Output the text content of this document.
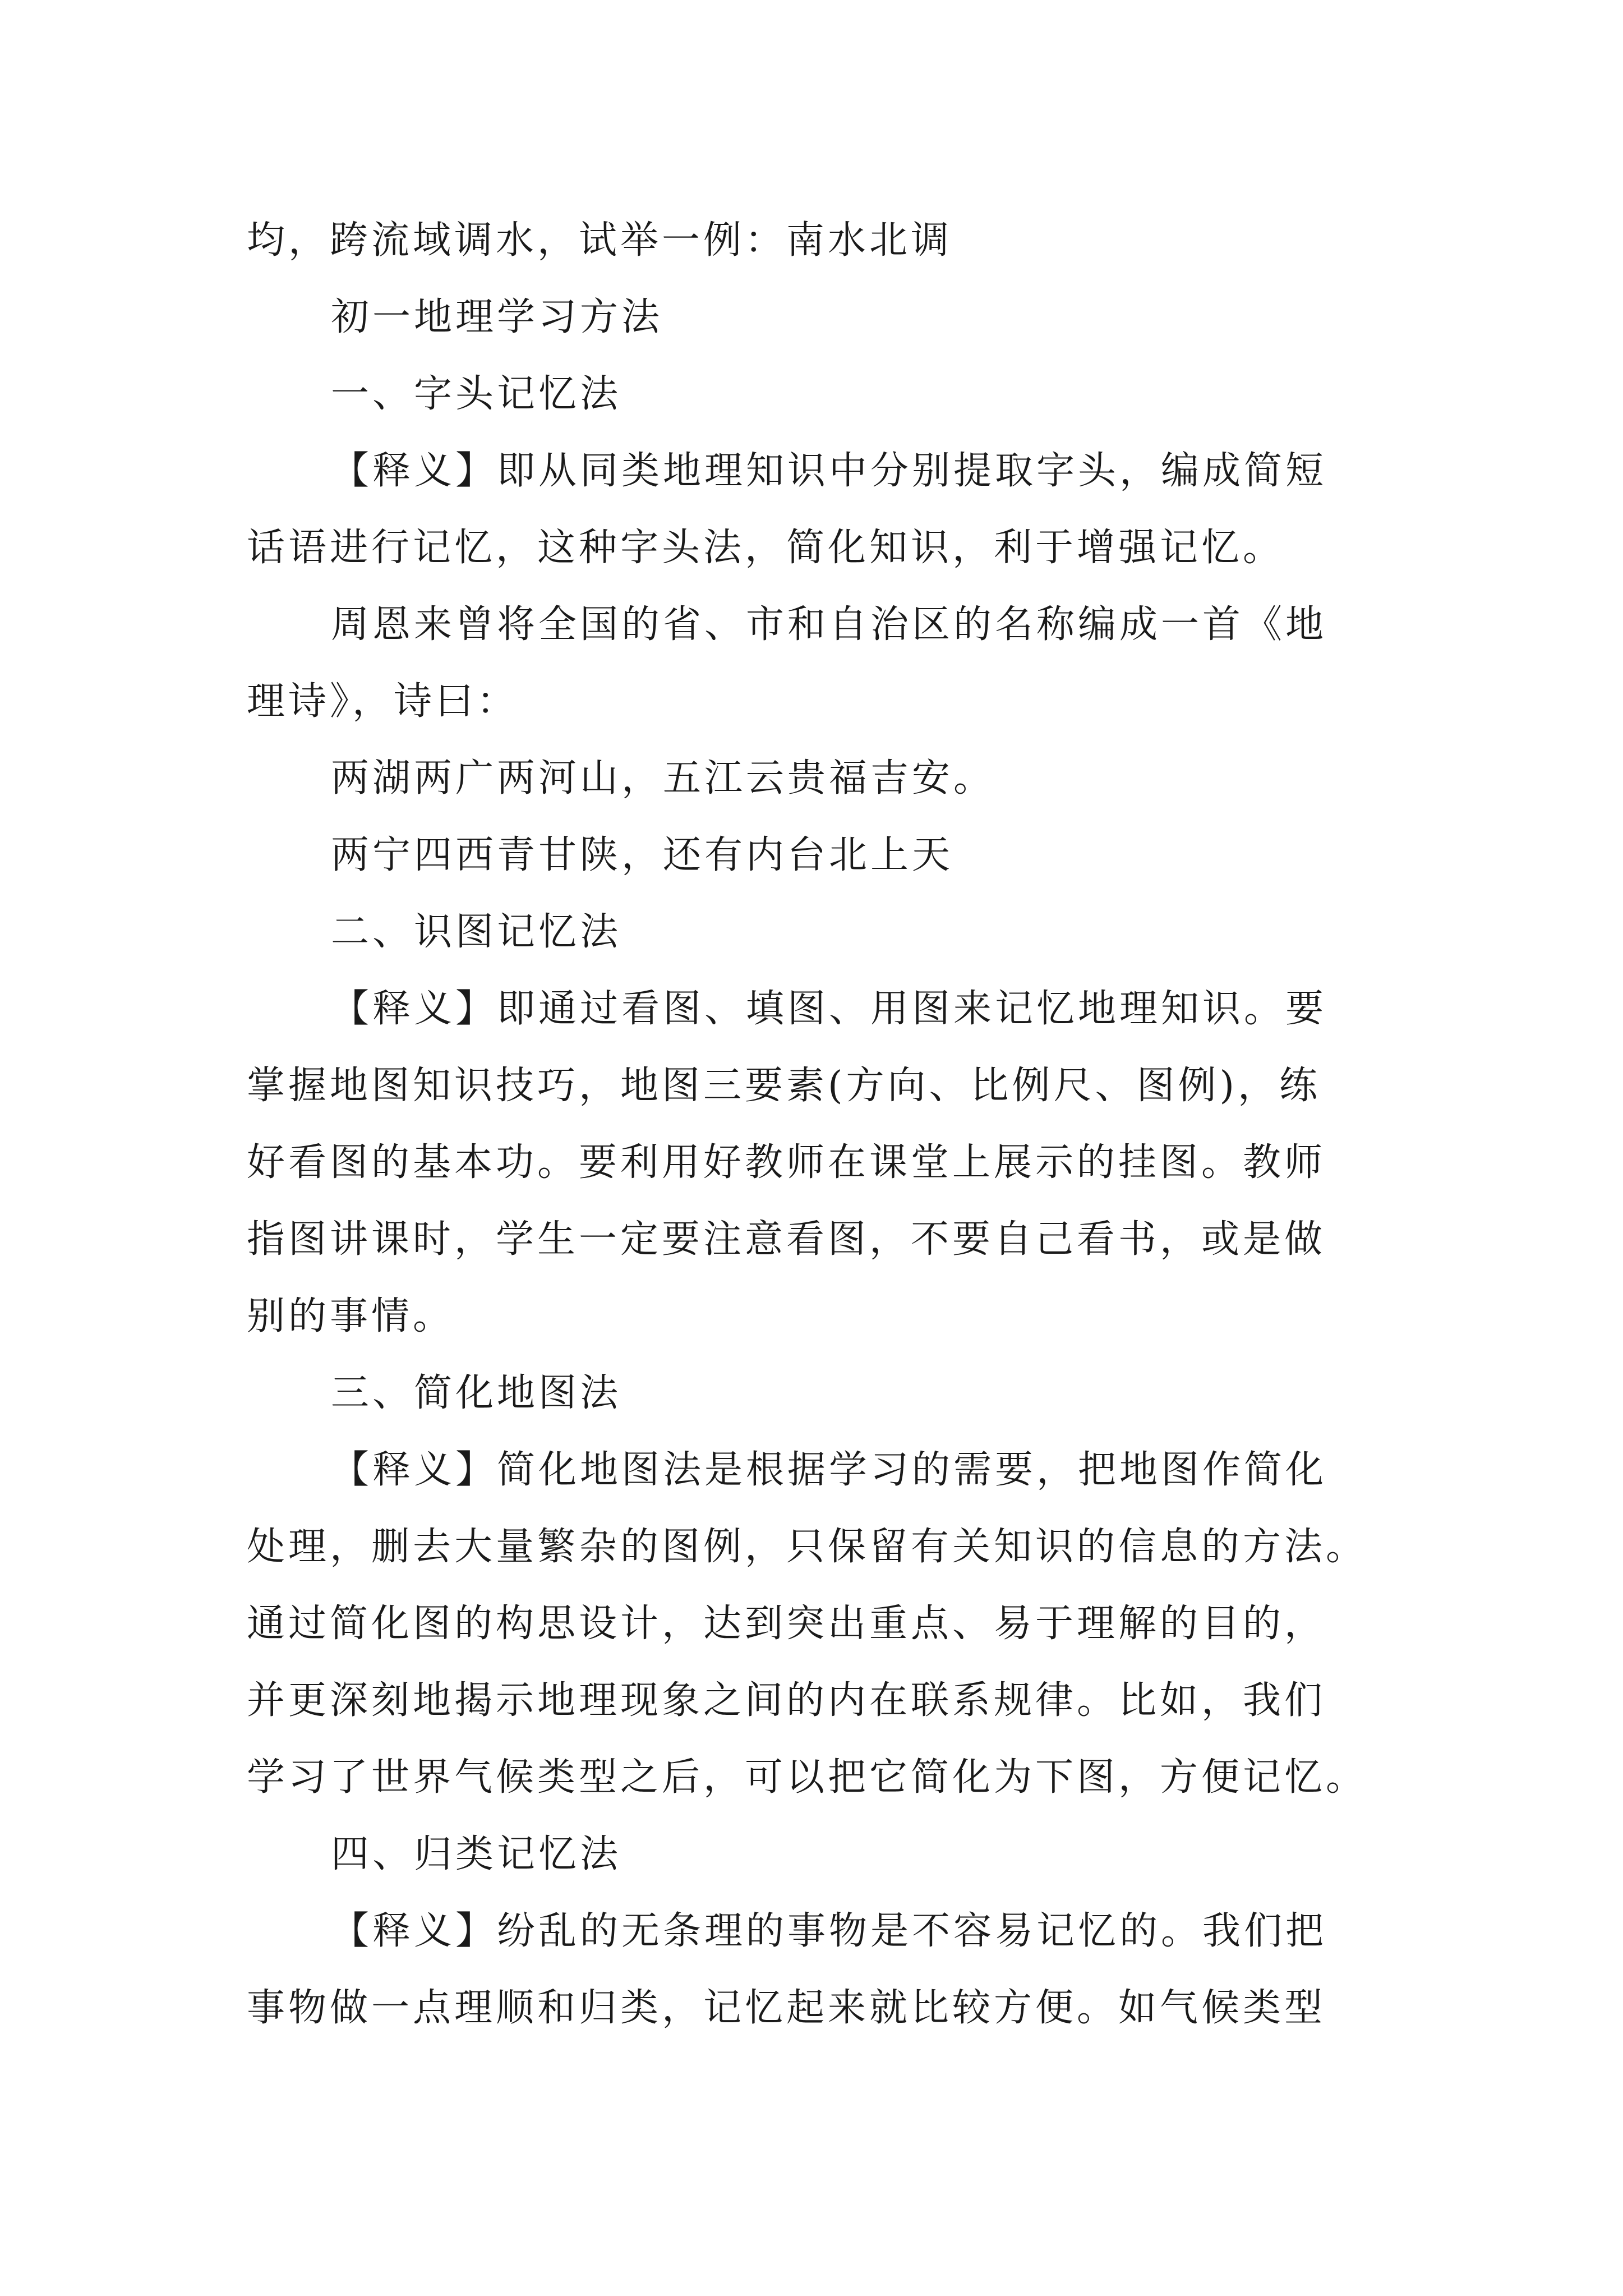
均，跨流域调水，试举一例：南水北调
初一地理学习方法
一、字头记忆法
【释义】即从同类地理知识中分别提取字头，编成简短
话语进行记忆，这种字头法，简化知识，利于增强记忆。
周恩来曾将全国的省、市和自治区的名称编成一首《地
理诗》，诗曰：
两湖两广两河山，五江云贵福吉安。
两宁四西青甘陕，还有内台北上天
二、识图记忆法
【释义】即通过看图、填图、用图来记忆地理知识。要
掌握地图知识技巧，地图三要素(方向、比例尺、图例)，练
好看图的基本功。要利用好教师在课堂上展示的挂图。教师
指图讲课时，学生一定要注意看图，不要自己看书，或是做
别的事情。
三、简化地图法
【释义】简化地图法是根据学习的需要，把地图作简化
处理，删去大量繁杂的图例，只保留有关知识的信息的方法。
通过简化图的构思设计，达到突出重点、易于理解的目的，
并更深刻地揭示地理现象之间的内在联系规律。比如，我们
学习了世界气候类型之后，可以把它简化为下图，方便记忆。
四、归类记忆法
【释义】纷乱的无条理的事物是不容易记忆的。我们把
事物做一点理顺和归类，记忆起来就比较方便。如气候类型
